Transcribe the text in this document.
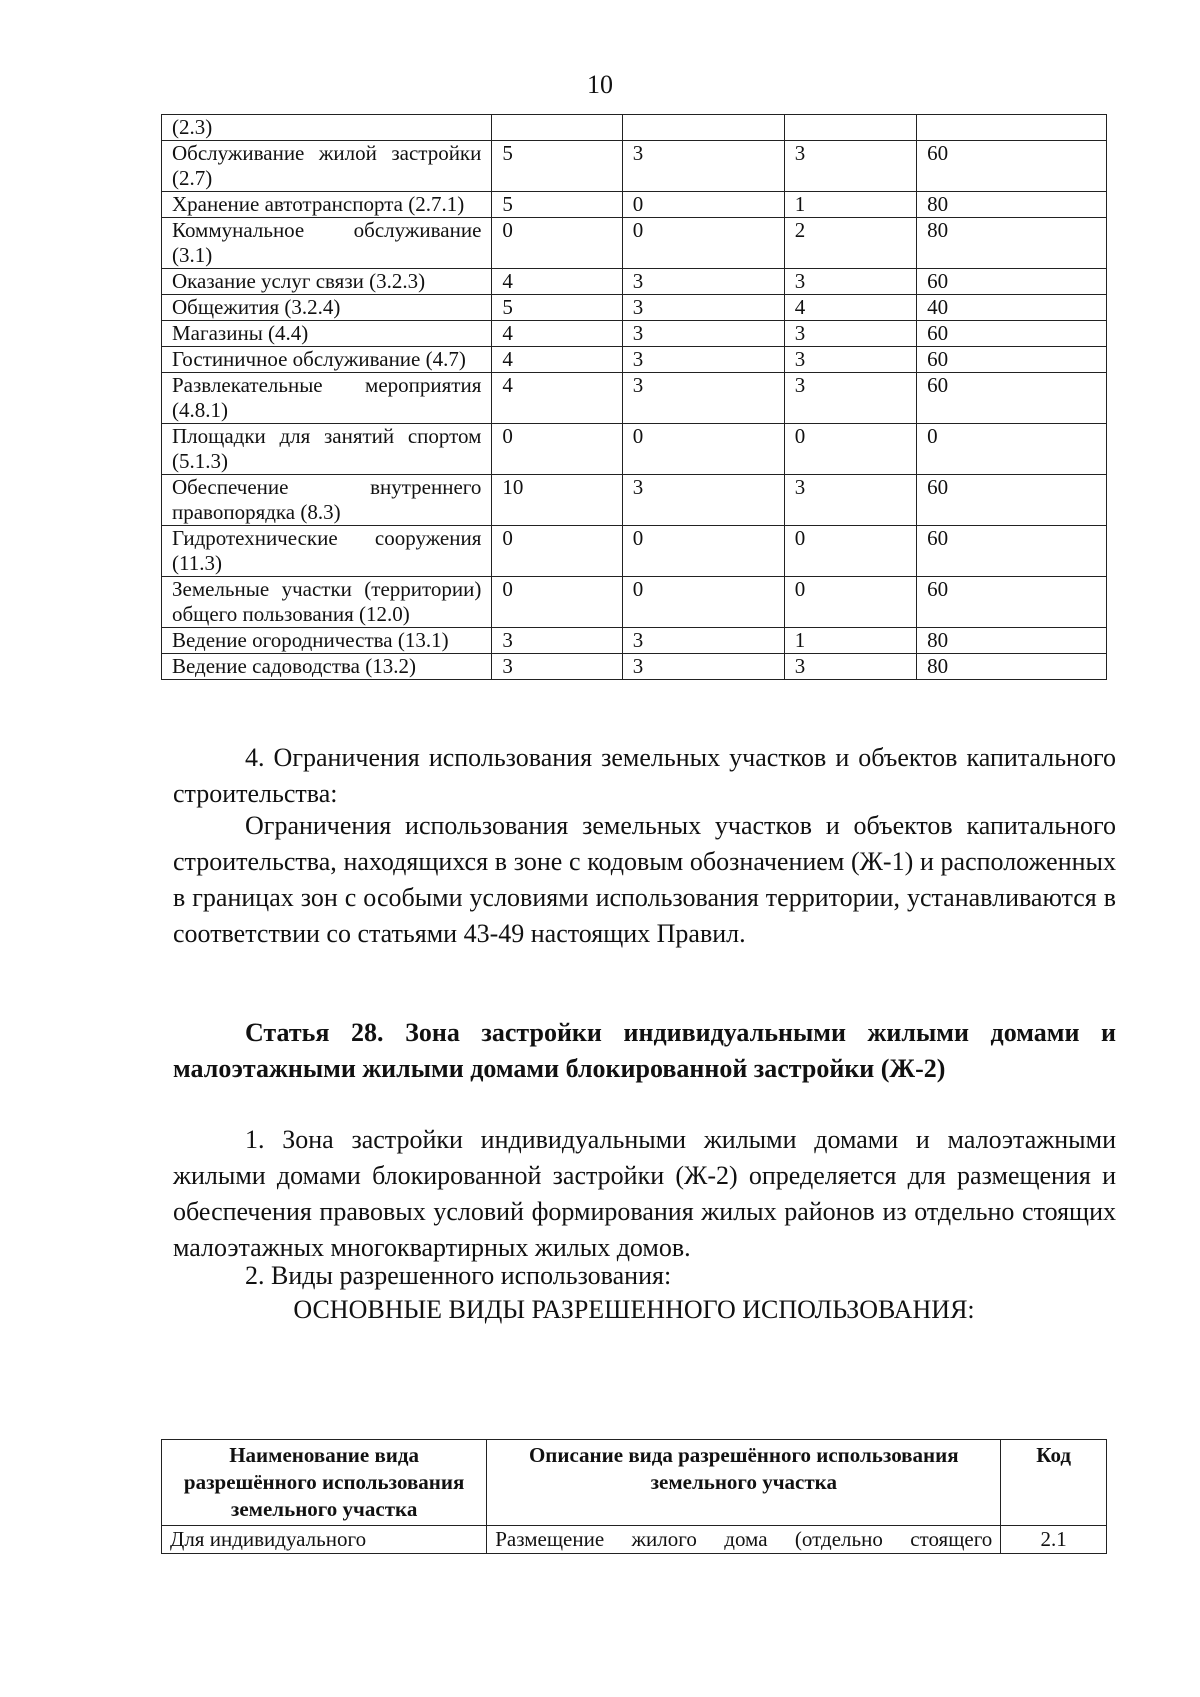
10
(2.3)				
Обслуживание жилой застройки (2.7)	5	3	3	60
Хранение автотранспорта (2.7.1)	5	0	1	80
Коммунальное обслуживание (3.1)	0	0	2	80
Оказание услуг связи (3.2.3)	4	3	3	60
Общежития (3.2.4)	5	3	4	40
Магазины (4.4)	4	3	3	60
Гостиничное обслуживание (4.7)	4	3	3	60
Развлекательные мероприятия (4.8.1)	4	3	3	60
Площадки для занятий спортом (5.1.3)	0	0	0	0
Обеспечение внутреннего правопорядка (8.3)	10	3	3	60
Гидротехнические сооружения (11.3)	0	0	0	60
Земельные участки (территории) общего пользования (12.0)	0	0	0	60
Ведение огородничества (13.1)	3	3	1	80
Ведение садоводства (13.2)	3	3	3	80
4. Ограничения использования земельных участков и объектов капитального строительства:
Ограничения использования земельных участков и объектов капитального строительства, находящихся в зоне с кодовым обозначением (Ж-1) и расположенных в границах зон с особыми условиями использования территории, устанавливаются в соответствии со статьями 43-49 настоящих Правил.
Статья 28. Зона застройки индивидуальными жилыми домами и малоэтажными жилыми домами блокированной застройки (Ж-2)
1. Зона застройки индивидуальными жилыми домами и малоэтажными жилыми домами блокированной застройки (Ж-2) определяется для размещения и обеспечения правовых условий формирования жилых районов из отдельно стоящих малоэтажных многоквартирных жилых домов.
2. Виды разрешенного использования:
ОСНОВНЫЕ ВИДЫ РАЗРЕШЕННОГО ИСПОЛЬЗОВАНИЯ:
Наименование вида разрешённого использования земельного участка	Описание вида разрешённого использования земельного участка	Код
Для индивидуального	Размещение жилого дома (отдельно стоящего	2.1
